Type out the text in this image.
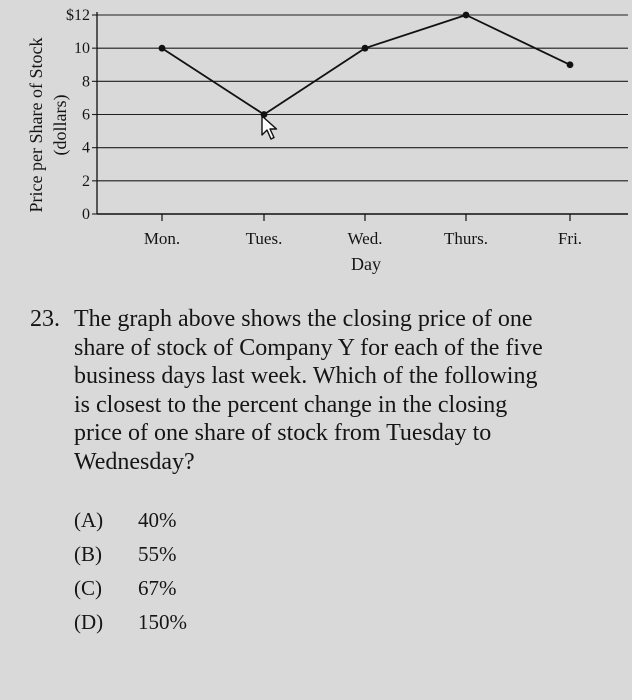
0
2
4
6
8
10
$12
Mon.	Tues.	Wed.	Thurs.	Fri.
Day
Price per Share of Stock (dollars)
23. The graph above shows the closing price of one
share of stock of Company Y for each of the five
business days last week. Which of the following
is closest to the percent change in the closing
price of one share of stock from Tuesday to
Wednesday?
(A) 40%
(B) 55%
(C) 67%
(D) 150%
